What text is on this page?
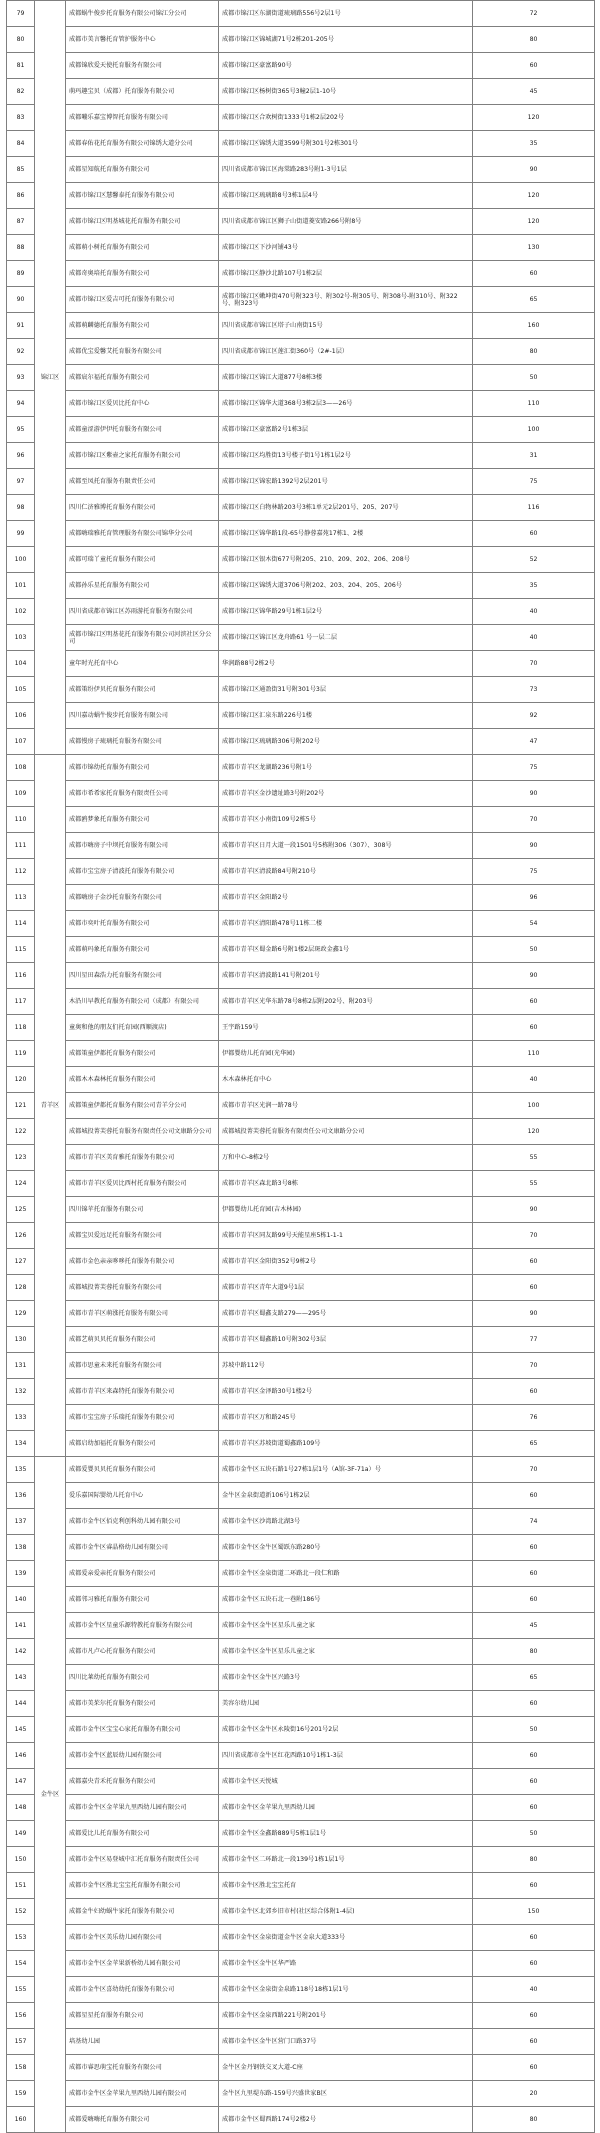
79	锦江区	成都蜗牛俊步托育服务有限公司锦江分公司	成都市锦江区东湖街道琉璃路556号2层1号	72
80		成都市美言馨托育管护服务中心	成都市锦江区锦城湖71号2栋201-205号	80
81		成都锦欣爱天使托育服务有限公司	成都市锦江区豪富路90号	60
82		萌玛趣宝贝（成都）托育服务有限公司	成都市锦江区杨树街365号3幢2层1-10号	45
83		成都嘣乐嘉宝博智托育服务有限公司	成都市锦江区合欢树街1333号1栋2层202号	120
84		成都春佑花托育服务有限公司锦绣大道分公司	成都市锦江区锦绣大道3599号附301号2栋301号	35
85		成都星知航托育服务有限公司	四川省成都市锦江区海棠路283号附1-3号1层	90
86		成都市锦江区慧馨泰托育服务有限公司	成都市锦江区琉璃路8号3栋1层4号	120
87		成都市锦江区明基城花托育服务有限公司	四川省成都市锦江区狮子山街道菱安路266号附8号	120
88		成都萌小树托育服务有限公司	成都市锦江区下沙河铺43号	130
89		成都奇奥培托育服务有限公司	成都市锦江区静沙北路107号1栋2层	60
90		成都市锦江区爱吉可托育服务有限公司	成都市锦江区嫩坤街470号附323号、附302号-附305号、附308号-附310号、附322号、附323号	65
91		成都萌麟德托育服务有限公司	四川省成都市锦江区塔子山南街15号	160
92		成都优宝爱馨艾托育服务有限公司	四川省成都市锦江区莲汇街360号（2#-1层）	80
93		成都宸尔福托育服务有限公司	成都市锦江区锦江大道877号8栋3楼	50
94		成都市锦江区爱贝比托育中心	成都市锦江区锦华大道368号3栋2层3——26号	110
95		成都童涩游伊伊托育服务有限公司	成都市锦江区豪富路2号1栋3层	100
96		成都市锦江区紫壶之家托育服务有限公司	成都市锦江区均胜街13号楼子街1号1栋1层2号	31
97		成都至凤托育服务有限责任公司	成都市锦江区锦宏路1392号2层201号	75
98		四川仁济雅博托育服务有限公司	成都市锦江区白物林路203号3栋1单元2层201号、205、207号	116
99		成都嗨瑞雅托育管理服务有限公司锦华分公司	成都市锦江区锦华路1段-65号静蓉嘉苑17栋1、2楼	60
100		成都可瑞丫童托育服务有限公司	成都市锦江区银木街677号附205、210、209、202、206、208号	52
101		成都孙乐星托育服务有限公司	成都市锦江区锦绣大道3706号附202、203、204、205、206号	35
102		四川省成都市锦江区苏雨游托育服务有限公司	成都市锦江区锦华路29号1栋1层2号	40
103		成都市锦江区明基花托育服务有限公司河滨社区分公司	成都市锦江区锦江区龙舟路61 号一层二层	40
104		童年时光托育中心	华润路88号2栋2号	70
105		成都策纷伊贝托育服务有限公司	成都市锦江区通盈街31号附301号3层	73
106		四川嘉动蜗牛俊步托育服务有限公司	成都市锦江区汇泉东路226号1楼	92
107		成都慢房子琉璃托育服务有限公司	成都市锦江区琉璃路306号附202号	47
108	青羊区	成都市锦幼托育服务有限公司	成都市青羊区龙湖路236号附1号	75
109		成都市希希家托育服务有限责任公司	成都市青羊区金沙遗址路3号附202号	90
110		成都鸥梦象托育服务有限公司	成都市青羊区小南街109号2栋5号	70
111		成都市嗨房子中坝托育服务有限公司	成都市青羊区日月大道一段1501号5栋附306（307）、308号	90
112		成都市宝宝房子清波托育服务有限公司	成都市青羊区清波路84号附210号	75
113		成都嗨房子金沙托育服务有限公司	成都市青羊区金阳路2号	96
114		成都市奕叶托育服务有限公司	成都市青羊区清阳路478号11栋二楼	54
115		成都萌玛象托育服务有限公司	成都市青羊区蜀金路6号附1楼2层斑政金鑫1号	50
116		四川星田森浩力托育服务有限公司	成都市青羊区清波路141号附201号	90
117		木沿川早教托育服务有限公司（成都）有限公司	成都市青羊区光华东路78号8栋2层附202号、附203号	60
118		童奥和他的朋友们托育园(西顺渡店)	王宇路159号	60
119		成都策童伊都托育服务有限公司	伊都婴幼儿托育园(光华园)	110
120		成都木木森林托育服务有限公司	木木森林托育中心	40
121		成都策童伊都托育服务有限公司青羊分公司	成都市青羊区光润一路78号	100
122		成都城投菁芙蓉托育服务有限责任公司文康路分公司	成都城投菁芙蓉托育服务有限责任公司文康路分公司	120
123		成都市青羊区美育雅托育服务有限公司	万和中心-8栋2号	55
124		成都市青羊区爱贝比西村托育服务有限公司	成都市青羊区森北路3号8栋	55
125		四川锦苹托育服务有限公司	伊都婴幼儿托育园(吉木林园)	90
126		成都宝贝爱远足托育服务有限公司	成都市青羊区同友路99号天能星座5栋1-1-1	70
127		成都市金色亲亲哆哆托育服务有限公司	成都市青羊区金阳街352号9栋2号	60
128		成都城投菁芙蓉托育服务有限公司	成都市青羊区青年大道9号1层	60
129		成都市青羊区萌涨托育服务有限公司	成都市青羊区蜀鑫支路279——295号	90
130		成都艺萌贝贝托育服务有限公司	成都市青羊区蜀鑫路10号附302号3层	77
131		成都市思童未来托育服务有限公司	苏坡中路112号	70
132		成都市青羊区来森特托育服务有限公司	成都市青羊区金泽路30号1楼2号	60
133		成都市宝宝房子乐瑞托育服务有限公司	成都市青羊区万和路245号	76
134		成都启幼加福托育服务有限公司	成都市青羊区苏坡街道蜀鑫路109号	65
135	金牛区	成都爱婴贝贝托育服务有限公司	成都市金牛区五块石路1号27栋1层1号（A馆-3F-71a）号	70
136		爱乐嘉国际婴幼儿托育中心	金牛区金泉街道新106号1栋2层	60
137		成都市金牛区佰克利创科幼儿园有限公司	成都市金牛区沙湾路北湖3号	74
138		成都市金牛区睿晶格幼儿园有限公司	成都市金牛区金牛区蜀跃东路280号	60
139		成都爱亲爱亲托育服务有限公司	成都市金牛区金泉街道二环路北一段仁和路	60
140		成都邻习雅托育服务有限公司	成都市金牛区五块石北一巷附186号	60
141		成都市金牛区星童乐源特教托育服务有限公司	成都市金牛区金牛区星乐儿童之家	45
142		成都市凡卢心托育服务有限公司	成都市金牛区金牛区星乐儿童之家	80
143		四川比莱幼托育服务有限公司	成都市金牛区金牛区兴路3号	65
144		成都市美茱尔托育服务有限公司	美容尔幼儿园	60
145		成都市金牛区宝宝心家托育服务有限公司	成都市金牛区金牛区永陵街16号201号2层	50
146		成都市金牛区蓝辰幼儿园有限公司	四川省成都市金牛区红花西路10号1栋1-3层	60
147		成都嘉央青禾托育服务有限公司	成都市金牛区天悦城	60
148		成都市金牛区金苹果九里西幼儿园有限公司	成都市金牛区金苹果九里西幼儿园	60
149		成都爱比儿托育服务有限公司	成都市金牛区金鑫路889号5栋1层1号	50
150		成都市金牛区易登城中汇托育服务有限责任公司	成都市金牛区二环路北一段139号1栋1层1号	80
151		成都市金牛区胜北宝宝托育服务有限公司	成都市金牛区胜北宝宝托育	60
152		成都金牛妇幼蜗牛家托育服务有限公司	成都市金牛区北郊乡旧市村(社区综合体附1-4层)	150
153		成都市金牛区美乐幼儿园有限公司	成都市金牛区金泉街道金牛区金泉大道333号	60
154		成都市金牛区金苹果新桥幼儿园有限公司	成都市金牛区金牛区华严路	60
155		成都市金牛区喜幼幼托育服务有限公司	成都市金牛区金泉街金泉路118号18栋1层1号	40
156		成都星星托育服务有限公司	成都市金牛区金泉西路221号附201号	60
157		培基幼儿园	成都市金牛区金牛区营门口路37号	60
158		成都市睿思萌宝托育服务有限公司	金牛区金丹钢铁交叉大道-C座	60
159		成都市金牛区金苹果九里西幼儿园有限公司	金牛区九里堤东路-159号兴盛世家B区	20
160		成都爱嗨嗨托育服务有限公司	成都市金牛区蜀西路174号2楼2号	80
